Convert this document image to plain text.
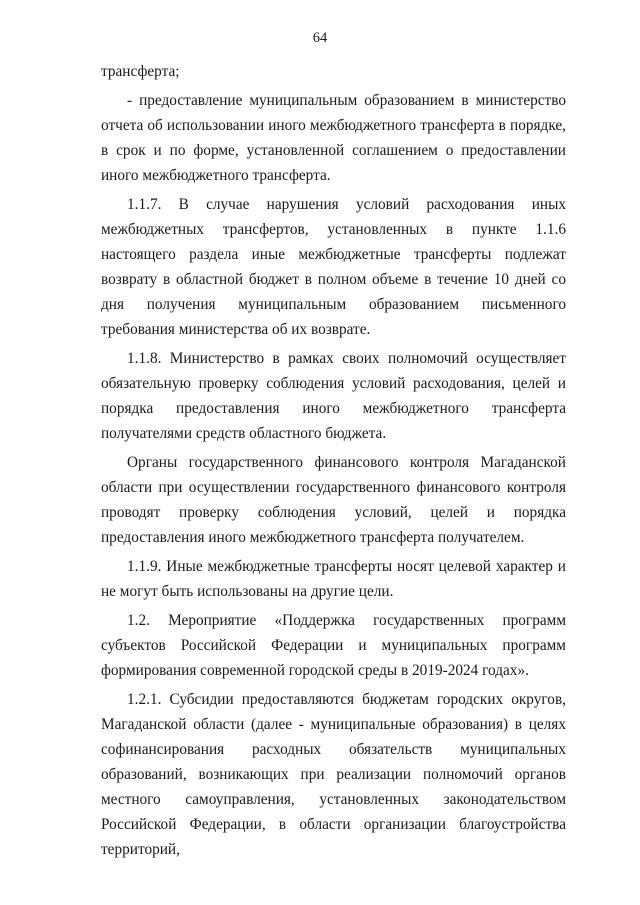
64

трансферта;

- предоставление муниципальным образованием в министерство отчета об использовании иного межбюджетного трансферта в порядке, в срок и по форме, установленной соглашением о предоставлении иного межбюджетного трансферта.

1.1.7. В случае нарушения условий расходования иных межбюджетных трансфертов, установленных в пункте 1.1.6 настоящего раздела иные межбюджетные трансферты подлежат возврату в областной бюджет в полном объеме в течение 10 дней со дня получения муниципальным образованием письменного требования министерства об их возврате.

1.1.8. Министерство в рамках своих полномочий осуществляет обязательную проверку соблюдения условий расходования, целей и порядка предоставления иного межбюджетного трансферта получателями средств областного бюджета.

Органы государственного финансового контроля Магаданской области при осуществлении государственного финансового контроля проводят проверку соблюдения условий, целей и порядка предоставления иного межбюджетного трансферта получателем.

1.1.9. Иные межбюджетные трансферты носят целевой характер и не могут быть использованы на другие цели.

1.2. Мероприятие «Поддержка государственных программ субъектов Российской Федерации и муниципальных программ формирования современной городской среды в 2019-2024 годах».

1.2.1. Субсидии предоставляются бюджетам городских округов, Магаданской области (далее - муниципальные образования) в целях софинансирования расходных обязательств муниципальных образований, возникающих при реализации полномочий органов местного самоуправления, установленных законодательством Российской Федерации, в области организации благоустройства территорий,
